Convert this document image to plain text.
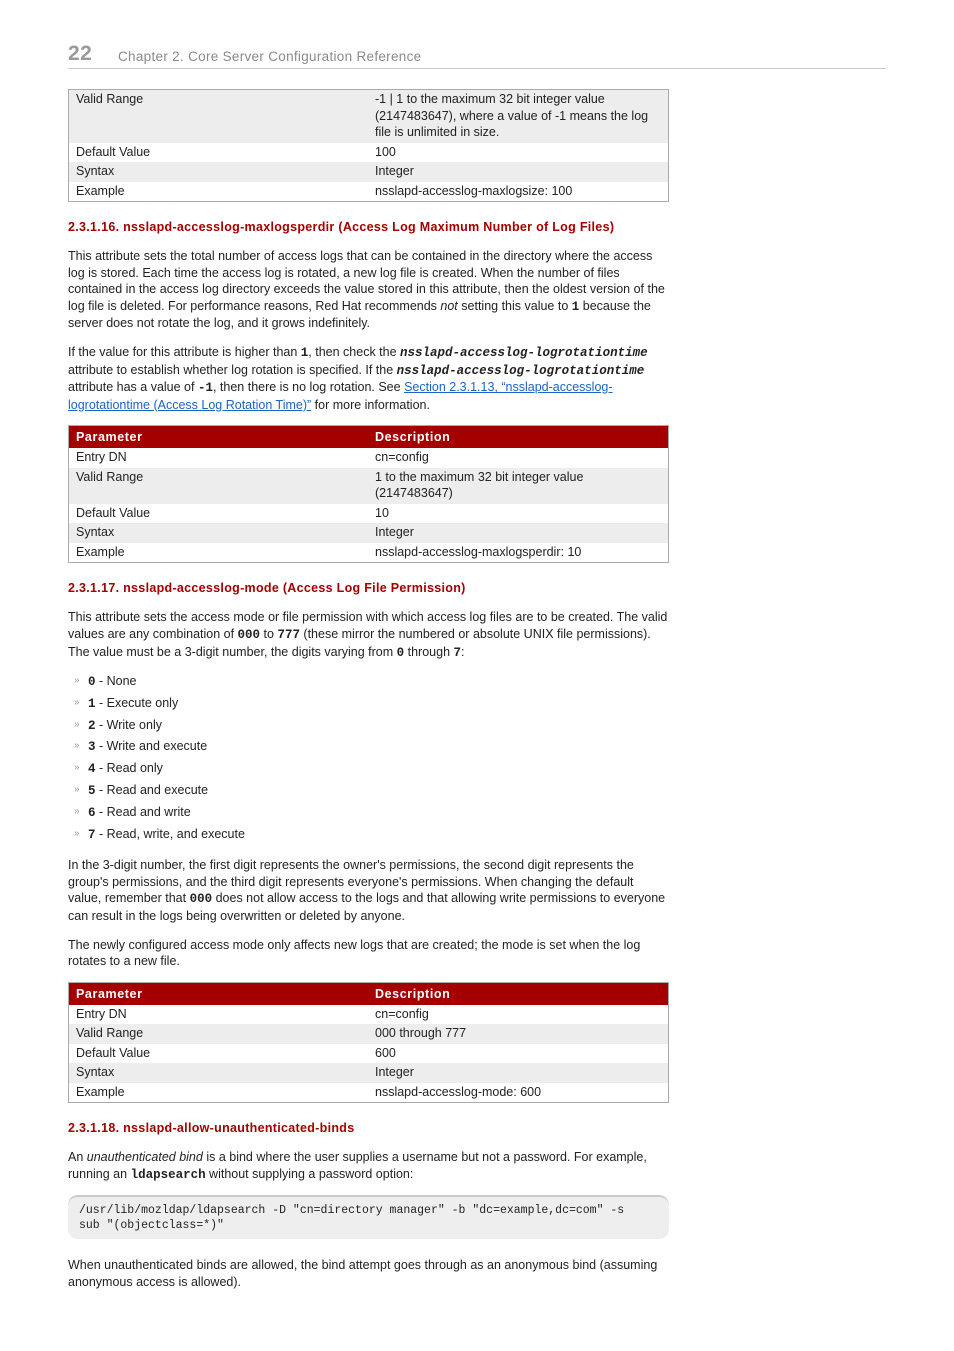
22 Chapter 2. Core Server Configuration Reference
Valid Range	-1 | 1 to the maximum 32 bit integer value (2147483647), where a value of -1 means the log file is unlimited in size.
Default Value	100
Syntax	Integer
Example	nsslapd-accesslog-maxlogsize: 100
2.3.1.16. nsslapd-accesslog-maxlogsperdir (Access Log Maximum Number of Log Files)

This attribute sets the total number of access logs that can be contained in the directory where the access log is stored. Each time the access log is rotated, a new log file is created. When the number of files contained in the access log directory exceeds the value stored in this attribute, then the oldest version of the log file is deleted. For performance reasons, Red Hat recommends not setting this value to 1 because the server does not rotate the log, and it grows indefinitely.

If the value for this attribute is higher than 1, then check the nsslapd-accesslog-logrotationtime attribute to establish whether log rotation is specified. If the nsslapd-accesslog-logrotationtime attribute has a value of -1, then there is no log rotation. See Section 2.3.1.13, “nsslapd-accesslog-logrotationtime (Access Log Rotation Time)” for more information.

Parameter	Description
Entry DN	cn=config
Valid Range	1 to the maximum 32 bit integer value (2147483647)
Default Value	10
Syntax	Integer
Example	nsslapd-accesslog-maxlogsperdir: 10
2.3.1.17. nsslapd-accesslog-mode (Access Log File Permission)

This attribute sets the access mode or file permission with which access log files are to be created. The valid values are any combination of 000 to 777 (these mirror the numbered or absolute UNIX file permissions). The value must be a 3-digit number, the digits varying from 0 through 7:

» 0 - None
» 1 - Execute only
» 2 - Write only
» 3 - Write and execute
» 4 - Read only
» 5 - Read and execute
» 6 - Read and write
» 7 - Read, write, and execute

In the 3-digit number, the first digit represents the owner's permissions, the second digit represents the group's permissions, and the third digit represents everyone's permissions. When changing the default value, remember that 000 does not allow access to the logs and that allowing write permissions to everyone can result in the logs being overwritten or deleted by anyone.

The newly configured access mode only affects new logs that are created; the mode is set when the log rotates to a new file.

Parameter	Description
Entry DN	cn=config
Valid Range	000 through 777
Default Value	600
Syntax	Integer
Example	nsslapd-accesslog-mode: 600
2.3.1.18. nsslapd-allow-unauthenticated-binds

An unauthenticated bind is a bind where the user supplies a username but not a password. For example, running an ldapsearch without supplying a password option:

/usr/lib/mozldap/ldapsearch -D "cn=directory manager" -b "dc=example,dc=com" -s
sub "(objectclass=*)"

When unauthenticated binds are allowed, the bind attempt goes through as an anonymous bind (assuming anonymous access is allowed).
